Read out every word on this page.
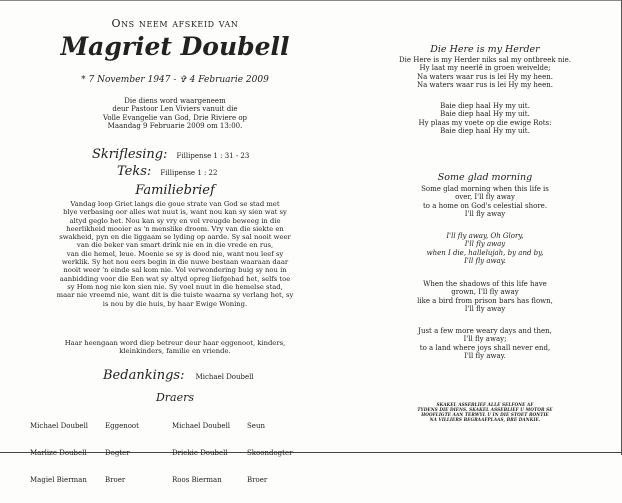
Ons neem afskeid van
Magriet Doubell
* 7 November 1947 - ✞ 4 Februarie 2009
Die diens word waargeneem
deur Pastoor Len Viviers vanuit die
Volle Evangelie van God, Drie Riviere op
Maandag 9 Februarie 2009 om 13:00.
Skriflesing: Fillipense 1 : 31 - 23
Teks: Fillipense 1 : 22
Familiebrief
Vandag loop Griet langs die goue strate van God se stad met
blye verbasing oor alles wat nuut is, want nou kan sy sien wat sy
altyd geglo het. Nou kan sy vry en vol vreugde beweeg in die
heerlikheid mooier as 'n menslike droom. Vry van die siekte en
swakheid, pyn en die liggaam se lyding op aarde. Sy sal nooit weer
van die beker van smart drink nie en in die vrede en rus,
van die hemel, leue. Moenie se sy is dood nie, want nou leef sy
werklik. Sy het nou eers begin in die nuwe bestaan waaraan daar
nooit weer 'n einde sal kom nie. Vol verwondering buig sy nou in
aanbidding voor die Een wat sy altyd opreg liefgehad het, selfs toe
sy Hom nog nie kon sien nie. Sy voel nuut in die hemelse stad,
maar nie vreemd nie, want dit is die tuiste waarna sy verlang het, sy
is nou by die huis, by haar Ewige Woning.
Haar heengaan word diep betreur deur haar eggenoot, kinders,
kleinkinders, familie en vriende.
Bedankings: Michael Doubell
Draers

Michael Doubell

Marlize Doubell

Magiel Bierman

Eggenoot

Dogter

Broer

Michael Doubell

Driekie Doubell

Roos Bierman

Seun

Skoondogter

Broer

Die Here is my Herder
Die Here is my Herder niks sal my ontbreek nie.
Hy laat my neerlê in groen weivelde;
Na waters waar rus is lei Hy my heen.
Na waters waar rus is lei Hy my heen.
Baie diep haal Hy my uit.
Baie diep haal Hy my uit.
Hy plaas my voete op die ewige Rots:
Baie diep haal Hy my uit.
Some glad morning
Some glad morning when this life is
over, I'll fly away
to a home on God's celestial shore.
I'll fly away
I'll fly away, Oh Glory,
I'll fly away
when I die, hallelujah, by and by,
I'll fly away.
When the shadows of this life have
grown, I'll fly away
like a bird from prison bars has flown,
I'll fly away
Just a few more weary days and then,
I'll fly away;
to a land where joys shall never end,
I'll fly away.
SKAKEL ASSEBLIEF ALLE SELFONE AF
TYDENS DIE DIENS. SKAKEL ASSEBLIEF U MOTOR SE
HOOFLIGTE AAN TERWYL U IN DIE STOET RONTIE
NA VILLIERS BEGRAAFPLAAS, BRE DANKIE.
